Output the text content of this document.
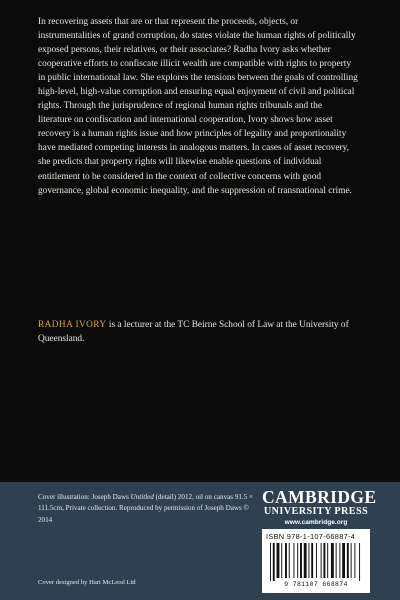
In recovering assets that are or that represent the proceeds, objects, or instrumentalities of grand corruption, do states violate the human rights of politically exposed persons, their relatives, or their associates? Radha Ivory asks whether cooperative efforts to confiscate illicit wealth are compatible with rights to property in public international law. She explores the tensions between the goals of controlling high-level, high-value corruption and ensuring equal enjoyment of civil and political rights. Through the jurisprudence of regional human rights tribunals and the literature on confiscation and international cooperation, Ivory shows how asset recovery is a human rights issue and how principles of legality and proportionality have mediated competing interests in analogous matters. In cases of asset recovery, she predicts that property rights will likewise enable questions of individual entitlement to be considered in the context of collective concerns with good governance, global economic inequality, and the suppression of transnational crime.

RADHA IVORY is a lecturer at the TC Beirne School of Law at the University of Queensland.

Cover illustration: Joseph Daws Untitled (detail) 2012, oil on canvas 91.5 × 111.5cm, Private collection. Reproduced by permission of Joseph Daws © 2014

Cover designed by Hart McLeod Ltd

CAMBRIDGE
UNIVERSITY PRESS
www.cambridge.org
ISBN 978-1-107-66887-4
9 781107 668874
